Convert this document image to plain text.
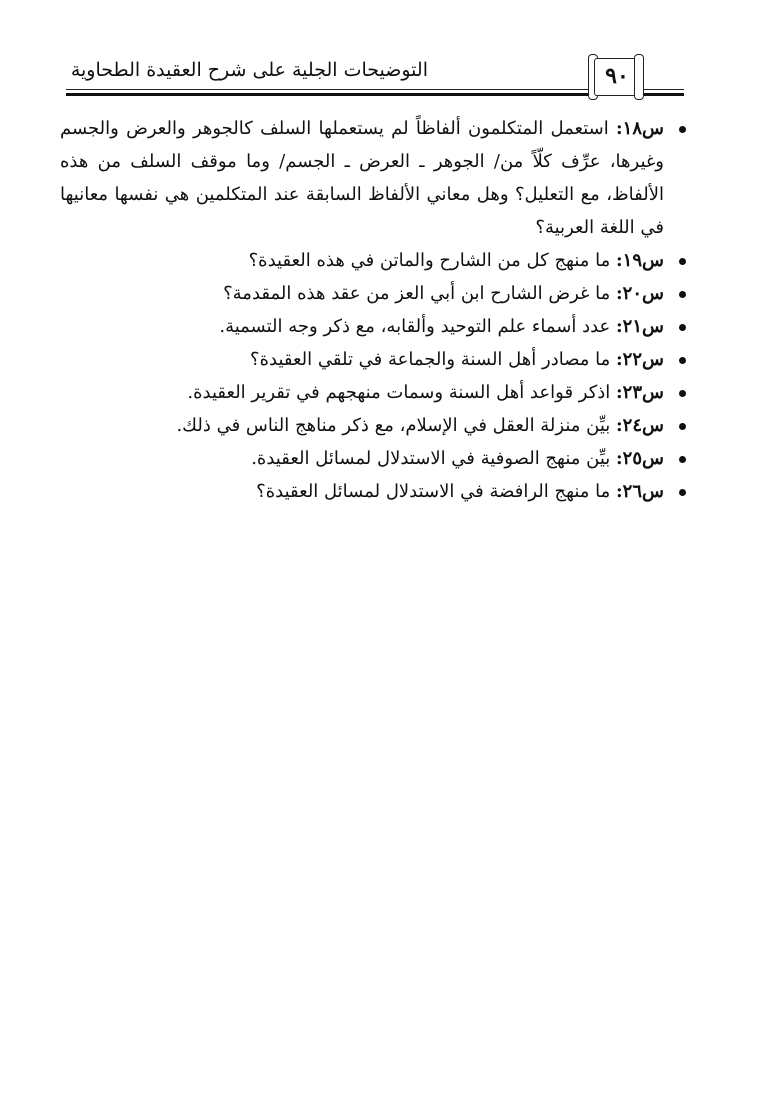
التوضيحات الجلية على شرح العقيدة الطحاوية	٩٠
س١٨: استعمل المتكلمون ألفاظاً لم يستعملها السلف كالجوهر والعرض والجسم وغيرها، عرِّف كلّاً من/ الجوهر ـ العرض ـ الجسم/ وما موقف السلف من هذه الألفاظ، مع التعليل؟ وهل معاني الألفاظ السابقة عند المتكلمين هي نفسها معانيها في اللغة العربية؟
س١٩: ما منهج كل من الشارح والماتن في هذه العقيدة؟
س٢٠: ما غرض الشارح ابن أبي العز من عقد هذه المقدمة؟
س٢١: عدد أسماء علم التوحيد وألقابه، مع ذكر وجه التسمية.
س٢٢: ما مصادر أهل السنة والجماعة في تلقي العقيدة؟
س٢٣: اذكر قواعد أهل السنة وسمات منهجهم في تقرير العقيدة.
س٢٤: بيِّن منزلة العقل في الإسلام، مع ذكر مناهج الناس في ذلك.
س٢٥: بيِّن منهج الصوفية في الاستدلال لمسائل العقيدة.
س٢٦: ما منهج الرافضة في الاستدلال لمسائل العقيدة؟
